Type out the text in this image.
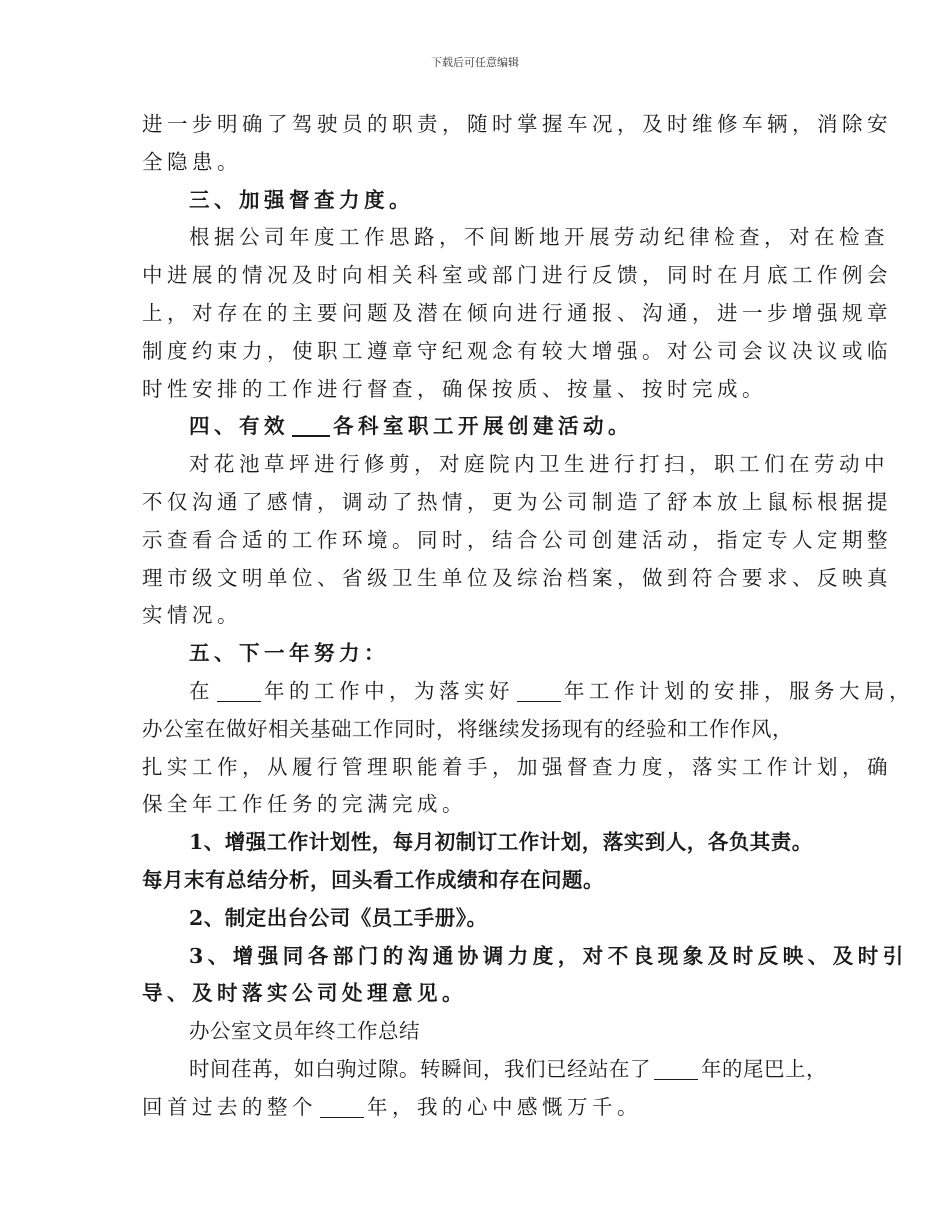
下载后可任意编辑
进一步明确了驾驶员的职责，随时掌握车况，及时维修车辆，消除安
全隐患。
三、加强督查力度。
根据公司年度工作思路，不间断地开展劳动纪律检查，对在检查
中进展的情况及时向相关科室或部门进行反馈，同时在月底工作例会
上，对存在的主要问题及潜在倾向进行通报、沟通，进一步增强规章
制度约束力，使职工遵章守纪观念有较大增强。对公司会议决议或临
时性安排的工作进行督查，确保按质、按量、按时完成。
四、有效 各科室职工开展创建活动。
对花池草坪进行修剪，对庭院内卫生进行打扫，职工们在劳动中
不仅沟通了感情，调动了热情，更为公司制造了舒本放上鼠标根据提
示查看合适的工作环境。同时，结合公司创建活动，指定专人定期整
理市级文明单位、省级卫生单位及综治档案，做到符合要求、反映真
实情况。
五、下一年努力：
在 年的工作中，为落实好 年工作计划的安排，服务大局，
办公室在做好相关基础工作同时，将继续发扬现有的经验和工作作风，
扎实工作，从履行管理职能着手，加强督查力度，落实工作计划，确
保全年工作任务的完满完成。
1、增强工作计划性，每月初制订工作计划，落实到人，各负其责。
每月末有总结分析，回头看工作成绩和存在问题。
2、制定出台公司《员工手册》。
3、增强同各部门的沟通协调力度，对不良现象及时反映、及时引
导、及时落实公司处理意见。
办公室文员年终工作总结
时间荏苒，如白驹过隙。转瞬间，我们已经站在了 年的尾巴上，
回首过去的整个 年，我的心中感慨万千。
